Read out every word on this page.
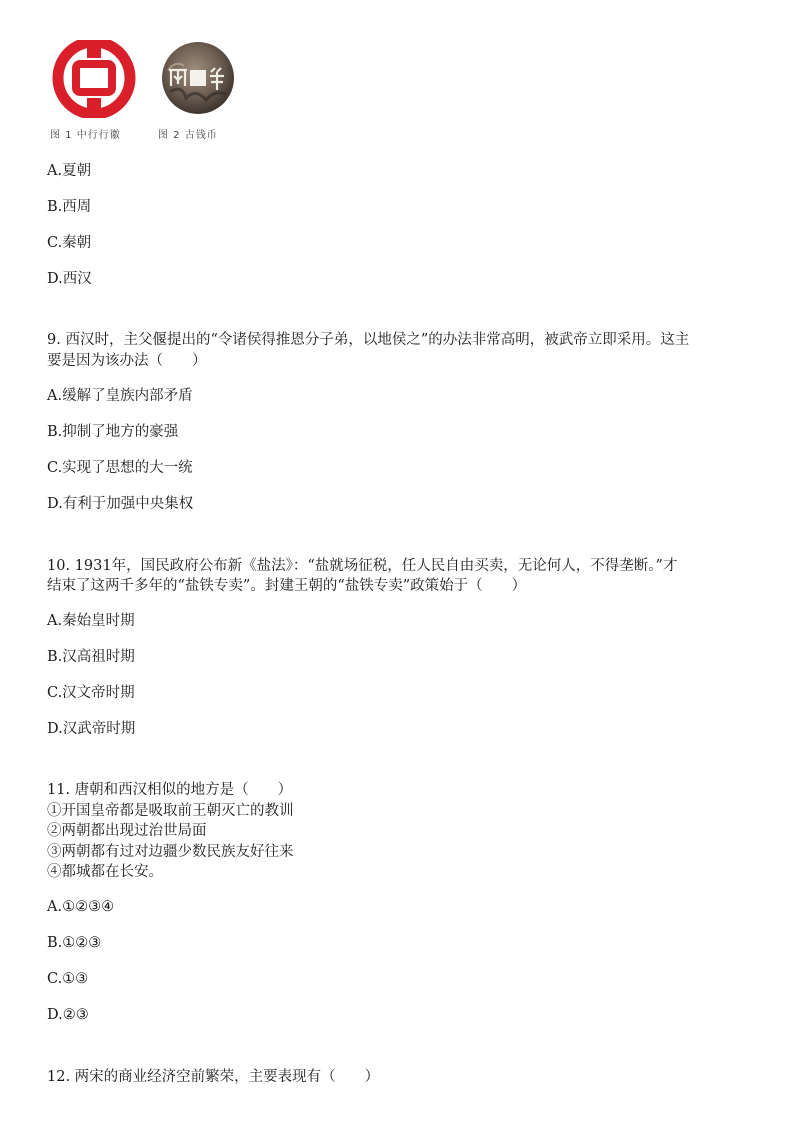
图 1 中行行徽	图 2 古钱币
A.夏朝
B.西周
C.秦朝
D.西汉
9. 西汉时，主父偃提出的“令诸侯得推恩分子弟，以地侯之”的办法非常高明，被武帝立即采用。这主
要是因为该办法（　　）
A.缓解了皇族内部矛盾
B.抑制了地方的豪强
C.实现了思想的大一统
D.有利于加强中央集权
10. 1931年，国民政府公布新《盐法》：“盐就场征税，任人民自由买卖，无论何人，不得垄断。”才
结束了这两千多年的“盐铁专卖”。封建王朝的“盐铁专卖”政策始于（　　）
A.秦始皇时期
B.汉高祖时期
C.汉文帝时期
D.汉武帝时期
11. 唐朝和西汉相似的地方是（　　）
①开国皇帝都是吸取前王朝灭亡的教训
②两朝都出现过治世局面
③两朝都有过对边疆少数民族友好往来
④都城都在长安。
A.①②③④
B.①②③
C.①③
D.②③
12. 两宋的商业经济空前繁荣，主要表现有（　　）
